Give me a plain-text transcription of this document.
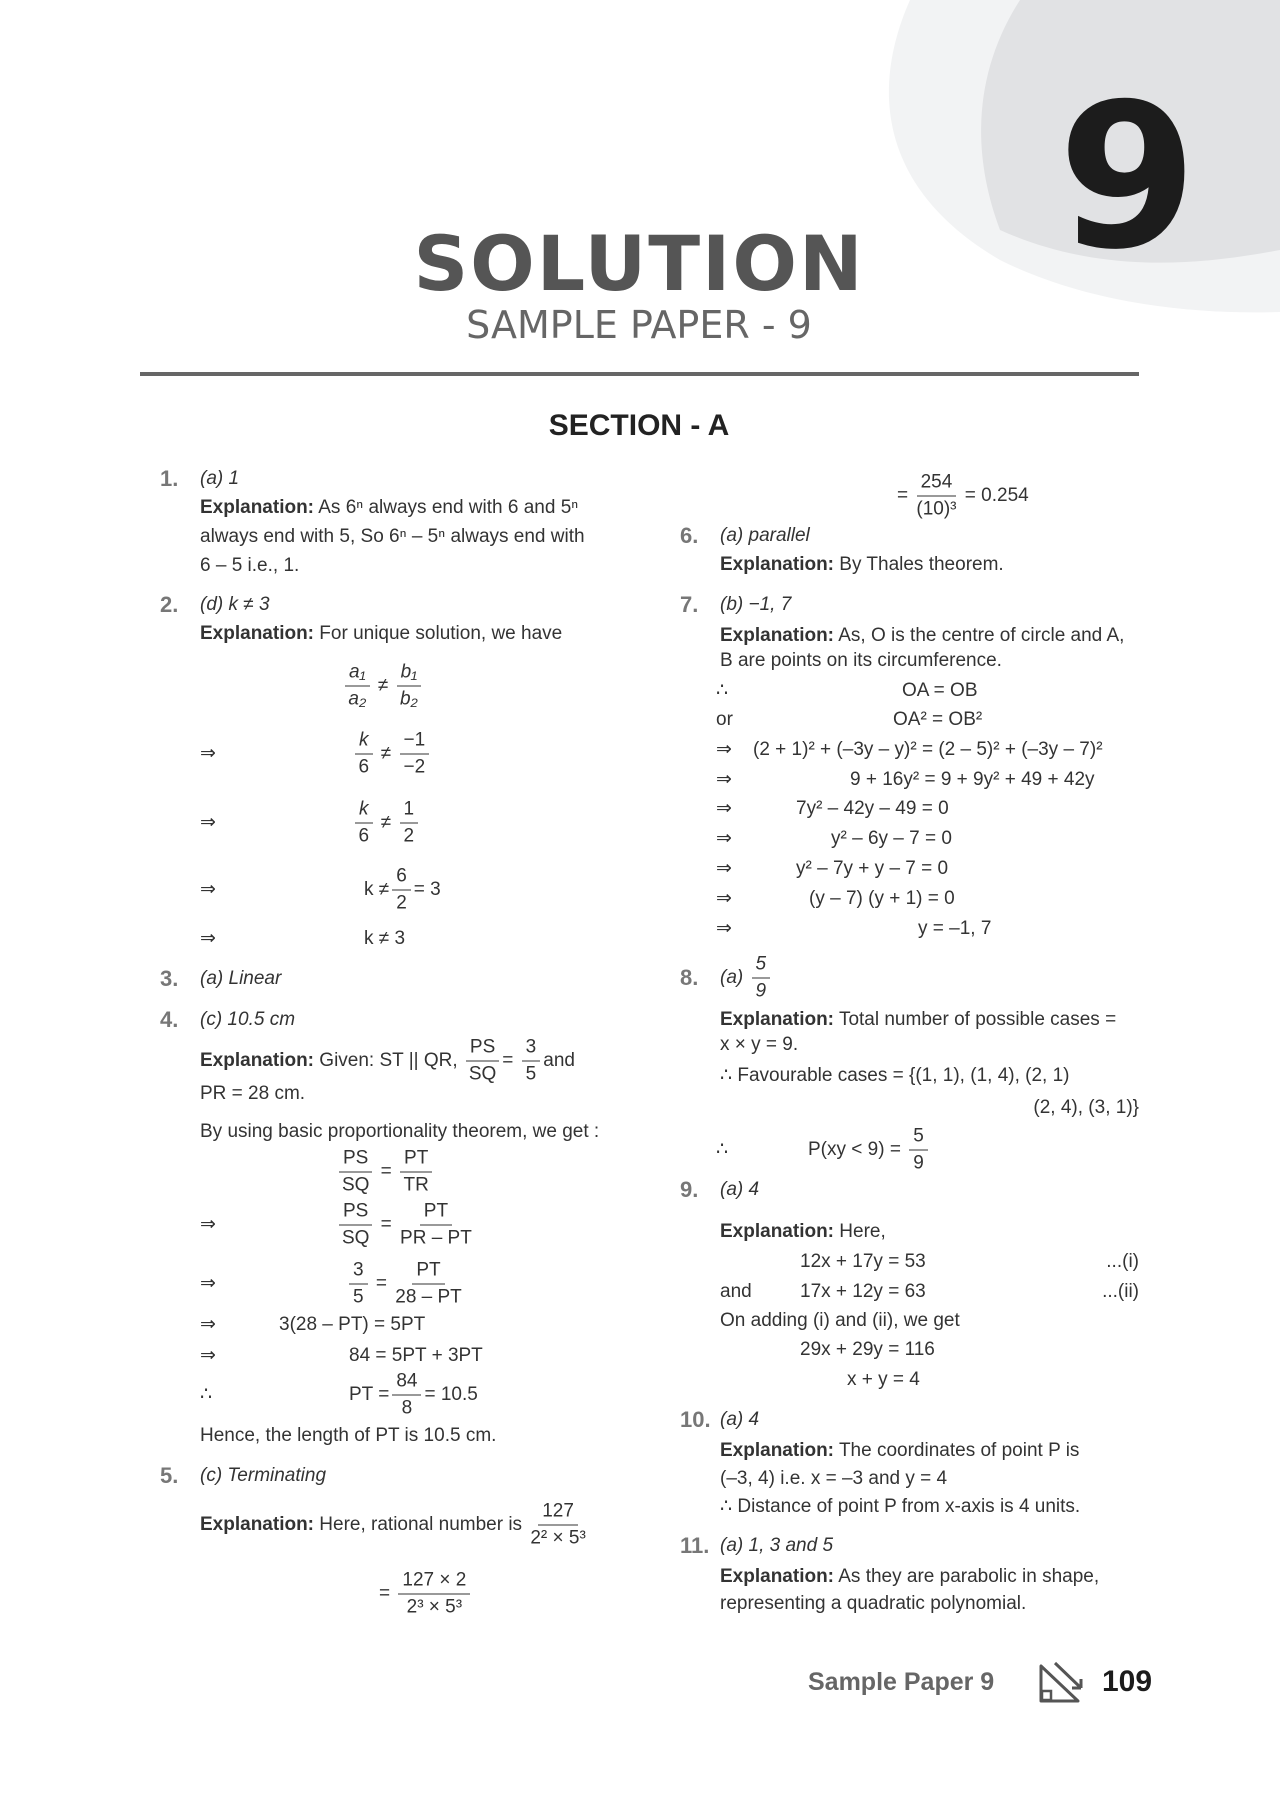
9
SOLUTION
SAMPLE PAPER - 9
SECTION - A
1. (a) 1
Explanation: As 6ⁿ always end with 6 and 5ⁿ
always end with 5, So 6ⁿ – 5ⁿ always end with
6 – 5 i.e., 1.
2. (d) k ≠ 3
Explanation: For unique solution, we have
$\frac{\text{a₁}}{\text{a₂}} \ne \frac{\text{b₁}}{\text{b₂}}$
⇒	$\frac{k}{6} \ne \frac{-1}{-2}$
⇒	$\frac{k}{6} \ne \frac{1}{2}$
⇒	$k \ne \frac{6}{2} = 3$
⇒	k ≠ 3
3. (a) Linear
4. (c) 10.5 cm
Explanation: Given: ST || QR, $\frac{PS}{SQ} = \frac{3}{5}$ and
PR = 28 cm.
By using basic proportionality theorem, we get :
$\frac{PS}{SQ} = \frac{PT}{TR}$
⇒	$\frac{PS}{SQ} = \frac{PT}{PR - PT}$
⇒	$\frac{3}{5} = \frac{PT}{28 - PT}$
⇒	3(28 – PT) = 5PT
⇒	84 = 5PT + 3PT
∴	PT = $\frac{84}{8} = 10.5$
Hence, the length of PT is 10.5 cm.
5. (c) Terminating
Explanation: Here, rational number is $\frac{127}{\text{2² × 5³}}$
= $\frac{127 \times 2}{\text{2³ × 5³}}$
= $\frac{254}{\text{(10)³}} = 0.254$
6. (a) parallel
Explanation: By Thales theorem.
7. (b) −1, 7
Explanation: As, O is the centre of circle and A,
B are points on its circumference.
∴	OA = OB
or	OA² = OB²
⇒ (2 + 1)² + (–3y – y)² = (2 – 5)² + (–3y – 7)²
⇒	9 + 16y² = 9 + 9y² + 49 + 42y
⇒	7y² – 42y – 49 = 0
⇒	y² – 6y – 7 = 0
⇒	y² – 7y + y – 7 = 0
⇒	(y – 7) (y + 1) = 0
⇒	y = –1, 7
8. $(a) \frac{5}{9}$
Explanation: Total number of possible cases =
x × y = 9.
∴ Favourable cases = {(1, 1), (1, 4), (2, 1)
(2, 4), (3, 1)}
∴	$P(xy < 9) = \frac{5}{9}$
9. (a) 4
Explanation: Here,
12x + 17y = 53	...(i)
and	17x + 12y = 63	...(ii)
On adding (i) and (ii), we get
29x + 29y = 116
x + y = 4
10. (a) 4
Explanation: The coordinates of point P is
(–3, 4) i.e. x = –3 and y = 4
∴ Distance of point P from x-axis is 4 units.
11. (a) 1, 3 and 5
Explanation: As they are parabolic in shape,
representing a quadratic polynomial.
Sample Paper 9	109
